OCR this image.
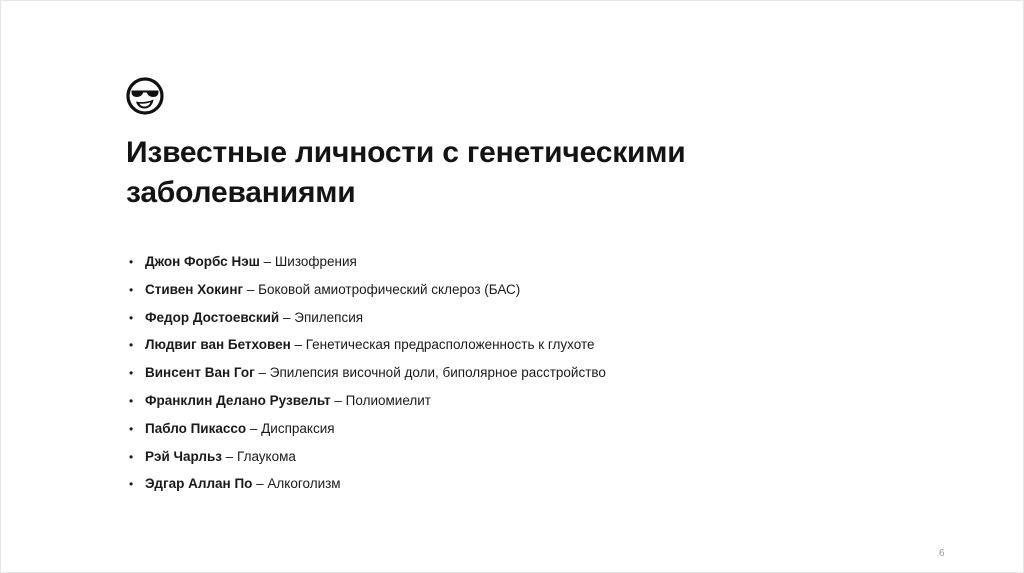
Известные личности с генетическими заболеваниями
• Джон Форбс Нэш – Шизофрения
• Стивен Хокинг – Боковой амиотрофический склероз (БАС)
• Федор Достоевский – Эпилепсия
• Людвиг ван Бетховен – Генетическая предрасположенность к глухоте
• Винсент Ван Гог – Эпилепсия височной доли, биполярное расстройство
• Франклин Делано Рузвельт – Полиомиелит
• Пабло Пикассо – Диспраксия
• Рэй Чарльз – Глаукома
• Эдгар Аллан По – Алкоголизм
6
